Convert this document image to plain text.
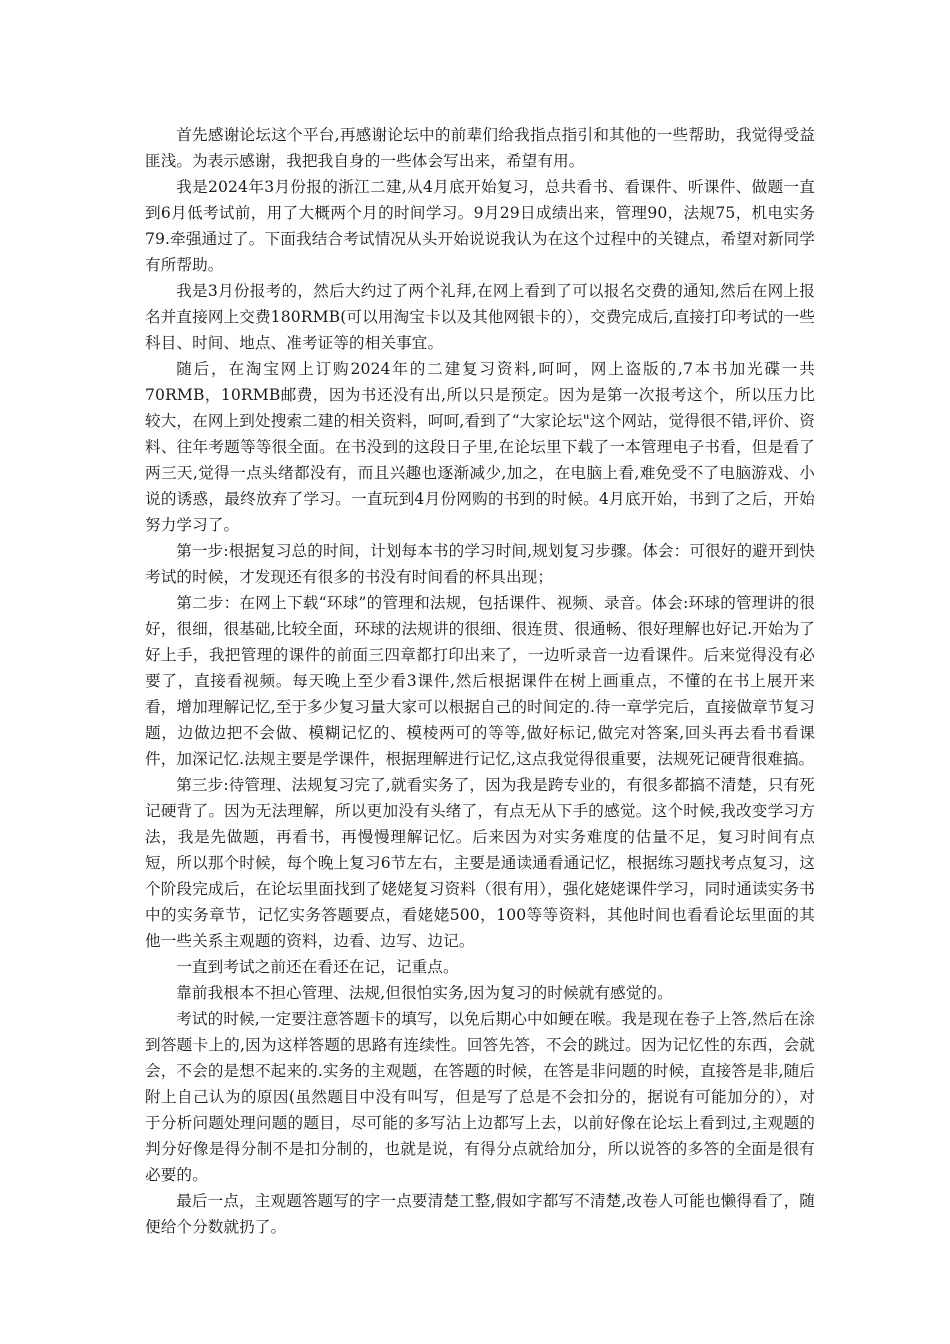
首先感谢论坛这个平台,再感谢论坛中的前辈们给我指点指引和其他的一些帮助，我觉得受益匪浅。为表示感谢，我把我自身的一些体会写出来，希望有用。

我是2024年3月份报的浙江二建,从4月底开始复习，总共看书、看课件、听课件、做题一直到6月低考试前，用了大概两个月的时间学习。9月29日成绩出来，管理90，法规75，机电实务79.牵强通过了。下面我结合考试情况从头开始说说我认为在这个过程中的关键点，希望对新同学有所帮助。

我是3月份报考的，然后大约过了两个礼拜,在网上看到了可以报名交费的通知,然后在网上报名并直接网上交费180RMB(可以用淘宝卡以及其他网银卡的），交费完成后,直接打印考试的一些科目、时间、地点、准考证等的相关事宜。

随后，在淘宝网上订购2024年的二建复习资料,呵呵，网上盗版的,7本书加光碟一共70RMB，10RMB邮费，因为书还没有出,所以只是预定。因为是第一次报考这个，所以压力比较大，在网上到处搜索二建的相关资料，呵呵,看到了“大家论坛"这个网站，觉得很不错,评价、资料、往年考题等等很全面。在书没到的这段日子里,在论坛里下载了一本管理电子书看，但是看了两三天,觉得一点头绪都没有，而且兴趣也逐渐减少,加之，在电脑上看,难免受不了电脑游戏、小说的诱惑，最终放弃了学习。一直玩到4月份网购的书到的时候。4月底开始，书到了之后，开始努力学习了。

第一步:根据复习总的时间，计划每本书的学习时间,规划复习步骤。体会：可很好的避开到快考试的时候，才发现还有很多的书没有时间看的杯具出现；

第二步：在网上下载“环球”的管理和法规，包括课件、视频、录音。体会:环球的管理讲的很好，很细，很基础,比较全面，环球的法规讲的很细、很连贯、很通畅、很好理解也好记.开始为了好上手，我把管理的课件的前面三四章都打印出来了，一边听录音一边看课件。后来觉得没有必要了，直接看视频。每天晚上至少看3课件,然后根据课件在树上画重点，不懂的在书上展开来看，增加理解记忆,至于多少复习量大家可以根据自己的时间定的.待一章学完后，直接做章节复习题，边做边把不会做、模糊记忆的、模棱两可的等等,做好标记,做完对答案,回头再去看书看课件，加深记忆.法规主要是学课件，根据理解进行记忆,这点我觉得很重要，法规死记硬背很难搞。

第三步:待管理、法规复习完了,就看实务了，因为我是跨专业的，有很多都搞不清楚，只有死记硬背了。因为无法理解，所以更加没有头绪了，有点无从下手的感觉。这个时候,我改变学习方法，我是先做题，再看书，再慢慢理解记忆。后来因为对实务难度的估量不足，复习时间有点短，所以那个时候，每个晚上复习6节左右，主要是通读通看通记忆，根据练习题找考点复习，这个阶段完成后，在论坛里面找到了姥姥复习资料（很有用），强化姥姥课件学习，同时通读实务书中的实务章节，记忆实务答题要点，看姥姥500，100等等资料，其他时间也看看论坛里面的其他一些关系主观题的资料，边看、边写、边记。

一直到考试之前还在看还在记，记重点。

靠前我根本不担心管理、法规,但很怕实务,因为复习的时候就有感觉的。

考试的时候,一定要注意答题卡的填写，以免后期心中如鲠在喉。我是现在卷子上答,然后在涂到答题卡上的,因为这样答题的思路有连续性。回答先答，不会的跳过。因为记忆性的东西，会就会，不会的是想不起来的.实务的主观题，在答题的时候，在答是非问题的时候，直接答是非,随后附上自己认为的原因(虽然题目中没有叫写，但是写了总是不会扣分的，据说有可能加分的），对于分析问题处理问题的题目，尽可能的多写沾上边都写上去，以前好像在论坛上看到过,主观题的判分好像是得分制不是扣分制的，也就是说，有得分点就给加分，所以说答的多答的全面是很有必要的。

最后一点，主观题答题写的字一点要清楚工整,假如字都写不清楚,改卷人可能也懒得看了，随便给个分数就扔了。
